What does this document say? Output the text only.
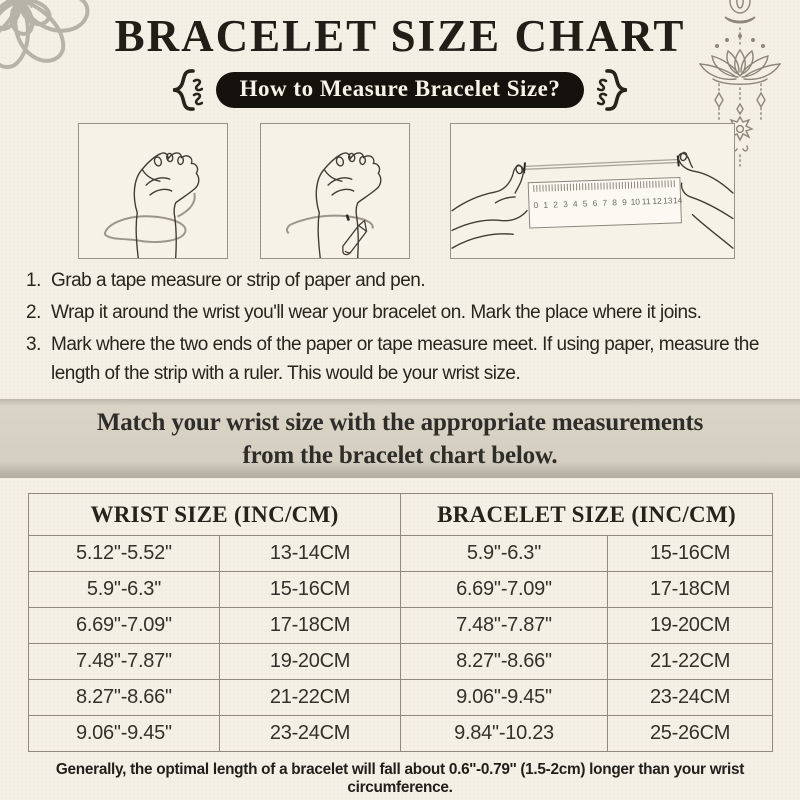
BRACELET SIZE CHART
How to Measure Bracelet Size?
0 1 2 3 4 5 6 7 8 9 10 11 12 13 14
1. Grab a tape measure or strip of paper and pen.
2. Wrap it around the wrist you'll wear your bracelet on. Mark the place where it joins.
3. Mark where the two ends of the paper or tape measure meet. If using paper, measure the length of the strip with a ruler. This would be your wrist size.
Match your wrist size with the appropriate measurements
from the bracelet chart below.
WRIST SIZE (INC/CM)		BRACELET SIZE (INC/CM)	
5.12''-5.52''	13-14CM	5.9''-6.3''	15-16CM
5.9''-6.3''	15-16CM	6.69''-7.09''	17-18CM
6.69''-7.09''	17-18CM	7.48''-7.87''	19-20CM
7.48''-7.87''	19-20CM	8.27''-8.66''	21-22CM
8.27''-8.66''	21-22CM	9.06''-9.45''	23-24CM
9.06''-9.45''	23-24CM	9.84''-10.23	25-26CM
Generally, the optimal length of a bracelet will fall about 0.6''-0.79'' (1.5-2cm) longer than your wrist circumference.
